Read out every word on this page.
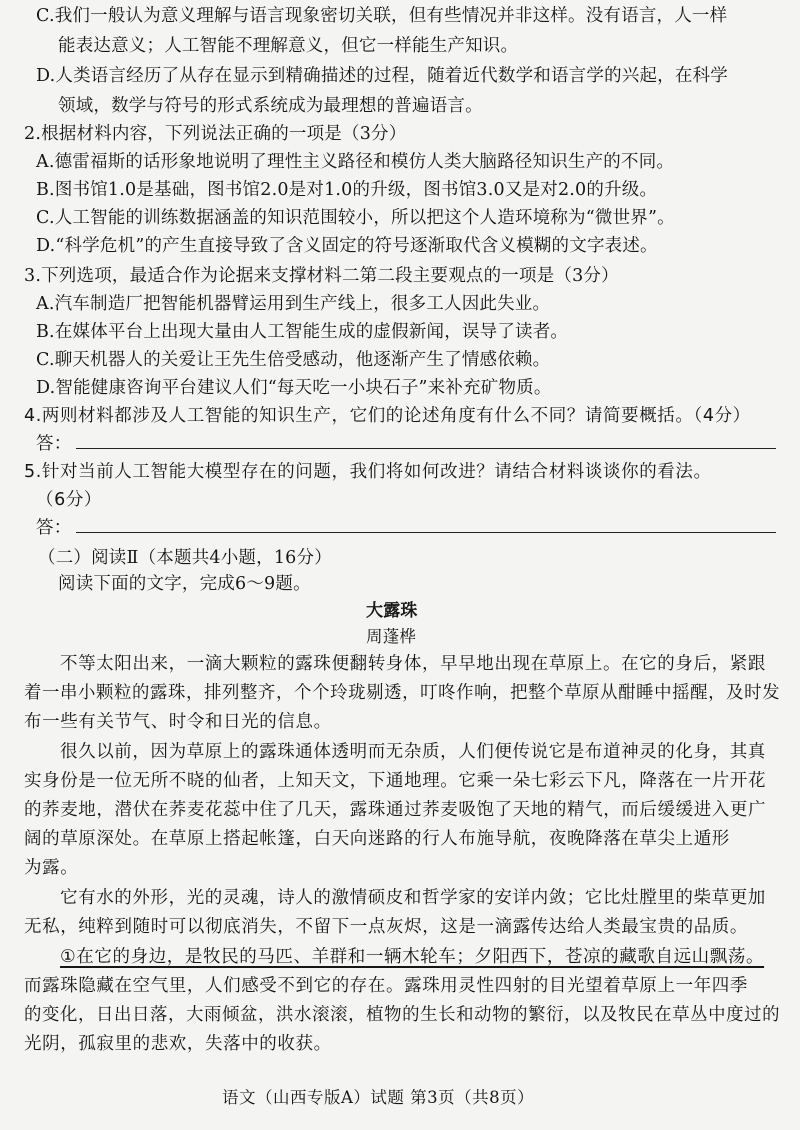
C.我们一般认为意义理解与语言现象密切关联，但有些情况并非这样。没有语言，人一样
能表达意义；人工智能不理解意义，但它一样能生产知识。
D.人类语言经历了从存在显示到精确描述的过程，随着近代数学和语言学的兴起，在科学
领域，数学与符号的形式系统成为最理想的普遍语言。
2.根据材料内容，下列说法正确的一项是（3分）
A.德雷福斯的话形象地说明了理性主义路径和模仿人类大脑路径知识生产的不同。
B.图书馆1.0是基础，图书馆2.0是对1.0的升级，图书馆3.0又是对2.0的升级。
C.人工智能的训练数据涵盖的知识范围较小，所以把这个人造环境称为“微世界”。
D.“科学危机”的产生直接导致了含义固定的符号逐渐取代含义模糊的文字表述。
3.下列选项，最适合作为论据来支撑材料二第二段主要观点的一项是（3分）
A.汽车制造厂把智能机器臂运用到生产线上，很多工人因此失业。
B.在媒体平台上出现大量由人工智能生成的虚假新闻，误导了读者。
C.聊天机器人的关爱让王先生倍受感动，他逐渐产生了情感依赖。
D.智能健康咨询平台建议人们“每天吃一小块石子”来补充矿物质。
4.两则材料都涉及人工智能的知识生产，它们的论述角度有什么不同？请简要概括。（4分）
答：
5.针对当前人工智能大模型存在的问题，我们将如何改进？请结合材料谈谈你的看法。
（6分）
答：
（二）阅读Ⅱ（本题共4小题，16分）
阅读下面的文字，完成6～9题。
大露珠
周蓬桦
不等太阳出来，一滴大颗粒的露珠便翻转身体，早早地出现在草原上。在它的身后，紧跟
着一串小颗粒的露珠，排列整齐，个个玲珑剔透，叮咚作响，把整个草原从酣睡中摇醒，及时发
布一些有关节气、时令和日光的信息。
很久以前，因为草原上的露珠通体透明而无杂质，人们便传说它是布道神灵的化身，其真
实身份是一位无所不晓的仙者，上知天文，下通地理。它乘一朵七彩云下凡，降落在一片开花
的荞麦地，潜伏在荞麦花蕊中住了几天，露珠通过荞麦吸饱了天地的精气，而后缓缓进入更广
阔的草原深处。在草原上搭起帐篷，白天向迷路的行人布施导航，夜晚降落在草尖上遁形
为露。
它有水的外形，光的灵魂，诗人的激情硕皮和哲学家的安详内敛；它比灶膛里的柴草更加
无私，纯粹到随时可以彻底消失，不留下一点灰烬，这是一滴露传达给人类最宝贵的品质。
①在它的身边，是牧民的马匹、羊群和一辆木轮车；夕阳西下，苍凉的藏歌自远山飘荡。
而露珠隐藏在空气里，人们感受不到它的存在。露珠用灵性四射的目光望着草原上一年四季
的变化，日出日落，大雨倾盆，洪水滚滚，植物的生长和动物的繁衍，以及牧民在草丛中度过的
光阴，孤寂里的悲欢，失落中的收获。
语文（山西专版A）试题 第3页（共8页）
